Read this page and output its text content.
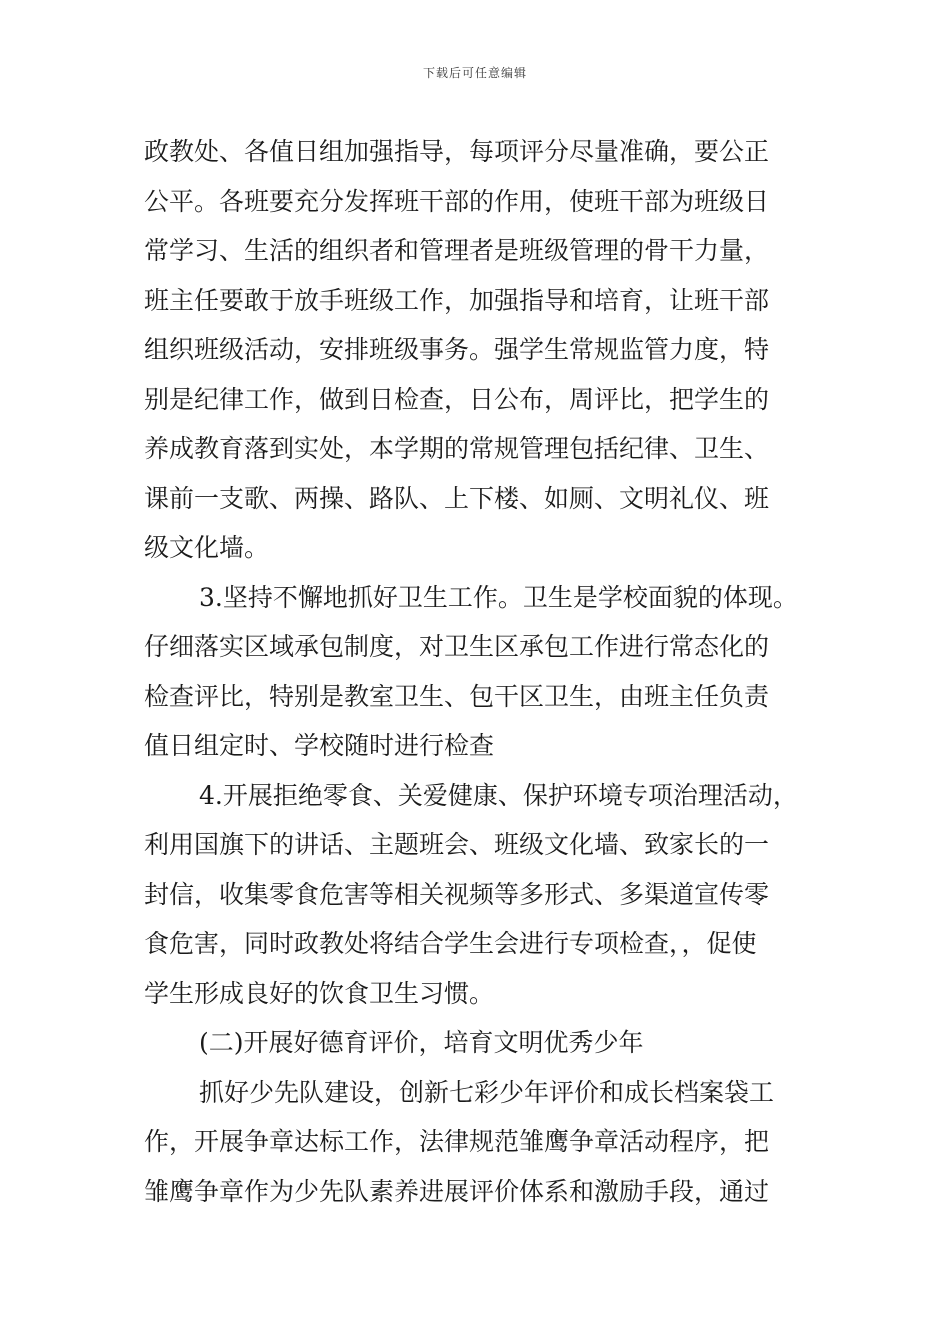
下载后可任意编辑
政教处、各值日组加强指导，每项评分尽量准确，要公正
公平。各班要充分发挥班干部的作用，使班干部为班级日
常学习、生活的组织者和管理者是班级管理的骨干力量，
班主任要敢于放手班级工作，加强指导和培育，让班干部
组织班级活动，安排班级事务。强学生常规监管力度，特
别是纪律工作，做到日检查，日公布，周评比，把学生的
养成教育落到实处，本学期的常规管理包括纪律、卫生、
课前一支歌、两操、路队、上下楼、如厕、文明礼仪、班
级文化墙。
3.坚持不懈地抓好卫生工作。卫生是学校面貌的体现。
仔细落实区域承包制度，对卫生区承包工作进行常态化的
检查评比，特别是教室卫生、包干区卫生，由班主任负责
值日组定时、学校随时进行检查
4.开展拒绝零食、关爱健康、保护环境专项治理活动，
利用国旗下的讲话、主题班会、班级文化墙、致家长的一
封信，收集零食危害等相关视频等多形式、多渠道宣传零
食危害，同时政教处将结合学生会进行专项检查，，促使
学生形成良好的饮食卫生习惯。
(二)开展好德育评价，培育文明优秀少年
抓好少先队建设，创新七彩少年评价和成长档案袋工
作，开展争章达标工作，法律规范雏鹰争章活动程序，把
雏鹰争章作为少先队素养进展评价体系和激励手段，通过
